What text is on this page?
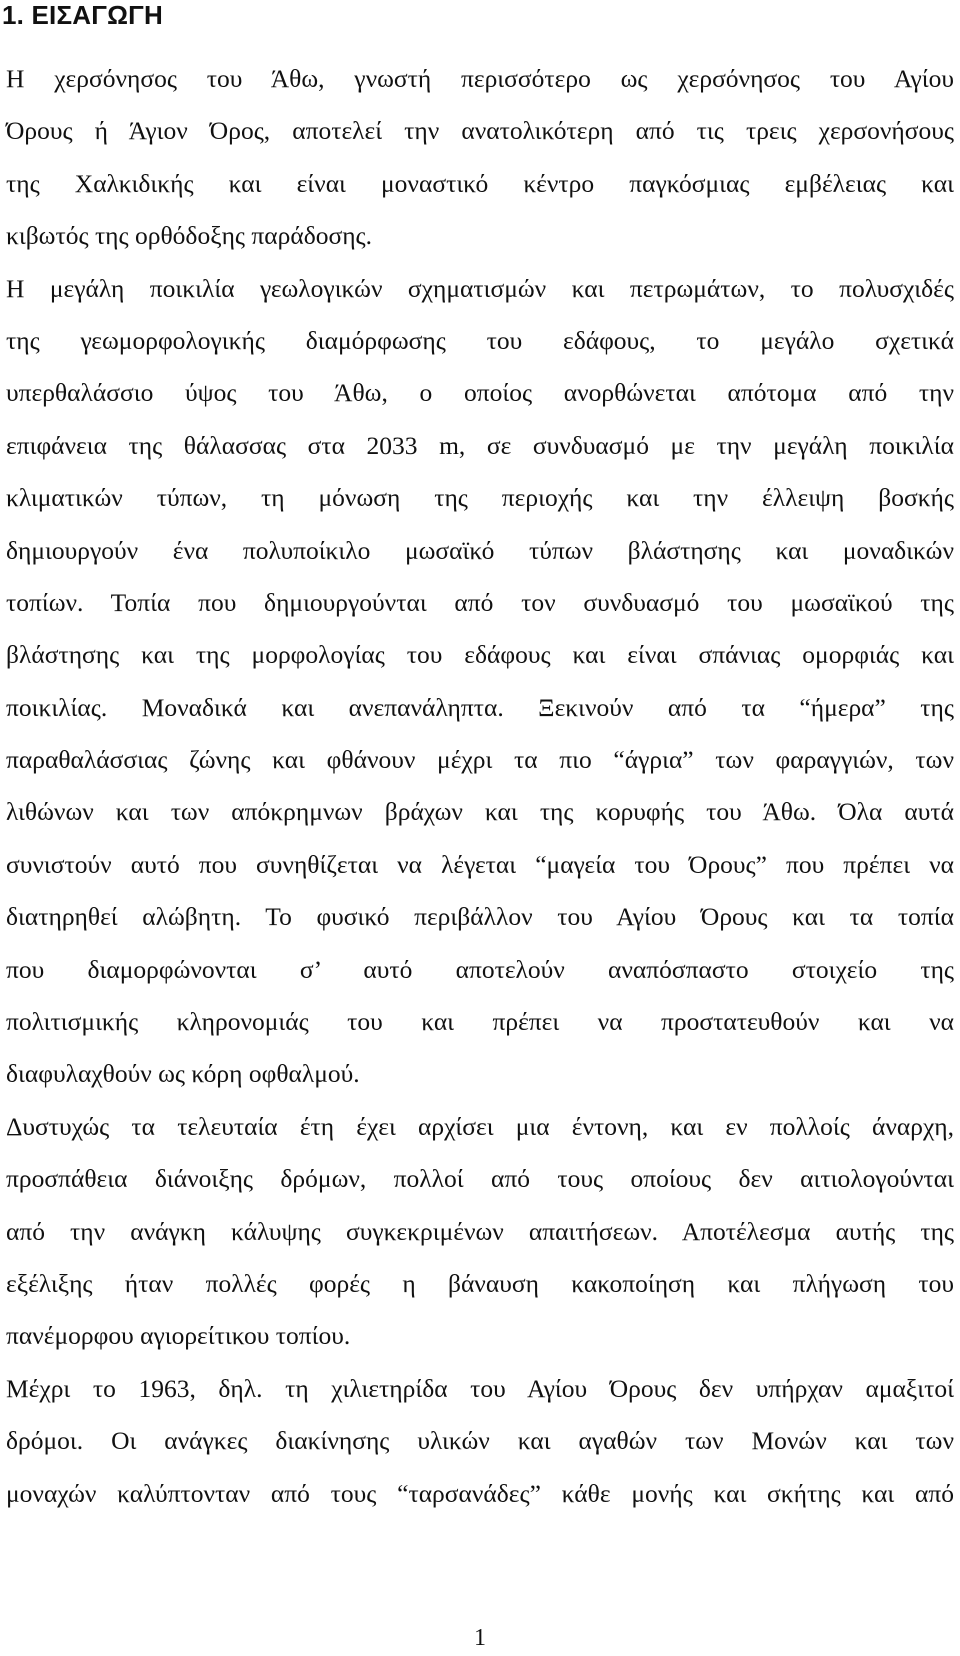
1. ΕΙΣΑΓΩΓΗ

Η χερσόνησος του Άθω, γνωστή περισσότερο ως χερσόνησος του Αγίου
Όρους ή Άγιον Όρος, αποτελεί την ανατολικότερη από τις τρεις χερσονήσους
της Χαλκιδικής και είναι μοναστικό κέντρο παγκόσμιας εμβέλειας και
κιβωτός της ορθόδοξης παράδοσης.

Η μεγάλη ποικιλία γεωλογικών σχηματισμών και πετρωμάτων, το πολυσχιδές
της γεωμορφολογικής διαμόρφωσης του εδάφους, το μεγάλο σχετικά
υπερθαλάσσιο ύψος του Άθω, ο οποίος ανορθώνεται απότομα από την
επιφάνεια της θάλασσας στα 2033 m, σε συνδυασμό με την μεγάλη ποικιλία
κλιματικών τύπων, τη μόνωση της περιοχής και την έλλειψη βοσκής
δημιουργούν ένα πολυποίκιλο μωσαϊκό τύπων βλάστησης και μοναδικών
τοπίων. Τοπία που δημιουργούνται από τον συνδυασμό του μωσαϊκού της
βλάστησης και της μορφολογίας του εδάφους και είναι σπάνιας ομορφιάς και
ποικιλίας. Μοναδικά και ανεπανάληπτα. Ξεκινούν από τα “ήμερα” της
παραθαλάσσιας ζώνης και φθάνουν μέχρι τα πιο “άγρια” των φαραγγιών, των
λιθώνων και των απόκρημνων βράχων και της κορυφής του Άθω. Όλα αυτά
συνιστούν αυτό που συνηθίζεται να λέγεται “μαγεία του Όρους” που πρέπει να
διατηρηθεί αλώβητη. Το φυσικό περιβάλλον του Αγίου Όρους και τα τοπία
που διαμορφώνονται σ’ αυτό αποτελούν αναπόσπαστο στοιχείο της
πολιτισμικής κληρονομιάς του και πρέπει να προστατευθούν και να
διαφυλαχθούν ως κόρη οφθαλμού.

Δυστυχώς τα τελευταία έτη έχει αρχίσει μια έντονη, και εν πολλοίς άναρχη,
προσπάθεια διάνοιξης δρόμων, πολλοί από τους οποίους δεν αιτιολογούνται
από την ανάγκη κάλυψης συγκεκριμένων απαιτήσεων. Αποτέλεσμα αυτής της
εξέλιξης ήταν πολλές φορές η βάναυση κακοποίηση και πλήγωση του
πανέμορφου αγιορείτικου τοπίου.

Μέχρι το 1963, δηλ. τη χιλιετηρίδα του Αγίου Όρους δεν υπήρχαν αμαξιτοί
δρόμοι. Οι ανάγκες διακίνησης υλικών και αγαθών των Μονών και των
μοναχών καλύπτονταν από τους “ταρσανάδες” κάθε μονής και σκήτης και από

1
